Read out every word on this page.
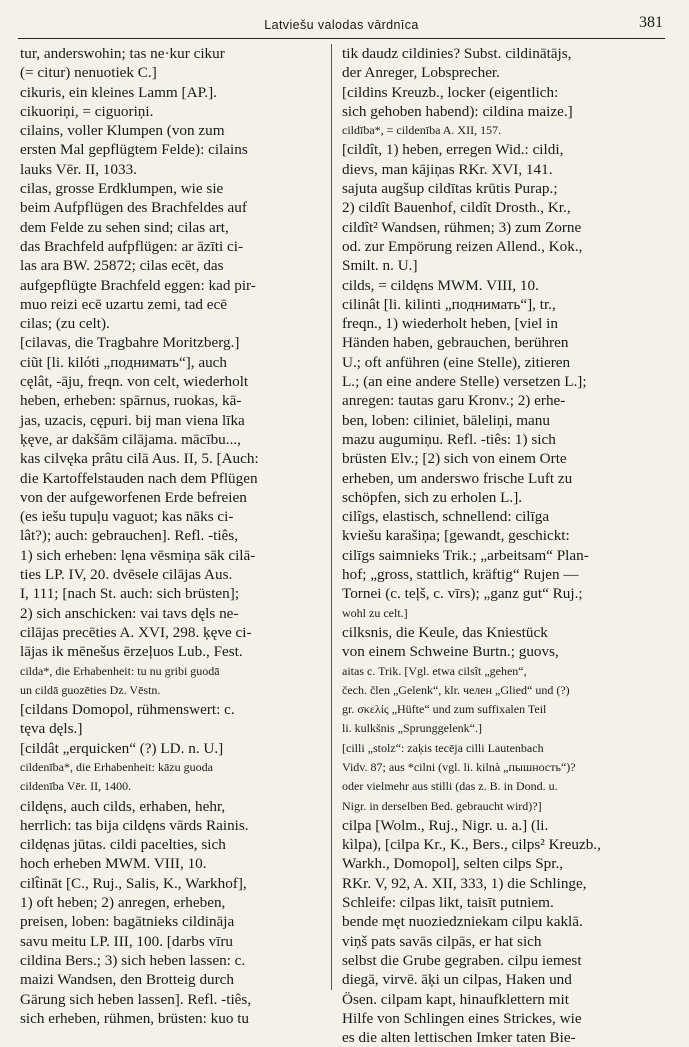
Latviešu valodas vārdnīca	381
tur, anderswohin; tas ne·kur cikur
(= citur) nenuotiek C.]
cikuris, ein kleines Lamm [AP.].
cikuoriņi, = ciguoriņi.
cilains, voller Klumpen (von zum
ersten Mal gepflügtem Felde): cilains
lauks Vēr. II, 1033.
cilas, grosse Erdklumpen, wie sie
beim Aufpflügen des Brachfeldes auf
dem Felde zu sehen sind; cilas art,
das Brachfeld aufpflügen: ar āzīti ci-
las ara BW. 25872; cilas ecēt, das
aufgepflügte Brachfeld eggen: kad pir-
muo reizi ecē uzartu zemi, tad ecē
cilas; (zu celt).
[cilavas, die Tragbahre Moritzberg.]
ciũt [li. kilóti „поднимать“], auch
cęlât, -āju, freqn. von celt, wiederholt
heben, erheben: spārnus, ruokas, kā-
jas, uzacis, cępuri. bij man viena līka
ķęve, ar dakšām cilājama. mācību...,
kas cilvęka prâtu cilā Aus. II, 5. [Auch:
die Kartoffelstauden nach dem Pflügen
von der aufgeworfenen Erde befreien
(es iešu tupuļu vaguot; kas nāks ci-
lât?); auch: gebrauchen]. Refl. -tiês,
1) sich erheben: lęna vēsmiņa sāk cilā-
ties LP. IV, 20. dvēsele cilājas Aus.
I, 111; [nach St. auch: sich brüsten];
2) sich anschicken: vai tavs dęls ne-
cilājas precēties A. XVI, 298. ķęve ci-
lājas ik mēnešus ērzeļuos Lub., Fest.
cilda*, die Erhabenheit: tu nu gribi guodā
un cildā guozēties Dz. Vēstn.
[cildans Domopol, rühmenswert: c.
tęva dęls.]
[cildât „erquicken“ (?) LD. n. U.]
cildenība*, die Erhabenheit: kāzu guoda
cildenība Vēr. II, 1400.
cildęns, auch cilds, erhaben, hehr,
herrlich: tas bija cildęns vārds Rainis.
cildęnas jūtas. cildi pacelties, sich
hoch erheben MWM. VIII, 10.
cilt̂ināt [C., Ruj., Salis, K., Warkhof],
1) oft heben; 2) anregen, erheben,
preisen, loben: bagātnieks cildināja
savu meitu LP. III, 100. [darbs vīru
cildina Bers.; 3) sich heben lassen: c.
maizi Wandsen, den Brotteig durch
Gärung sich heben lassen]. Refl. -tiês,
sich erheben, rühmen, brüsten: kuo tu
tik daudz cildinies? Subst. cildinātājs,
der Anreger, Lobsprecher.
[cildins Kreuzb., locker (eigentlich:
sich gehoben habend): cildina maize.]
cildība*, = cildenība A. XII, 157.
[cildît, 1) heben, erregen Wid.: cildi,
dievs, man kājiņas RKr. XVI, 141.
sajuta augšup cildītas krūtis Purap.;
2) cildît Bauenhof, cildît Drosth., Kr.,
cildît² Wandsen, rühmen; 3) zum Zorne
od. zur Empörung reizen Allend., Kok.,
Smilt. n. U.]
cilds, = cildęns MWM. VIII, 10.
cilinât [li. kilinti „поднимать“], tr.,
freqn., 1) wiederholt heben, [viel in
Händen haben, gebrauchen, berühren
U.; oft anführen (eine Stelle), zitieren
L.; (an eine andere Stelle) versetzen L.];
anregen: tautas garu Kronv.; 2) erhe-
ben, loben: ciliniet, bāleliņi, manu
mazu augumiņu. Refl. -tiês: 1) sich
brüsten Elv.; [2) sich von einem Orte
erheben, um anderswo frische Luft zu
schöpfen, sich zu erholen L.].
cilîgs, elastisch, schnellend: cilīga
kviešu karašiņa; [gewandt, geschickt:
cilīgs saimnieks Trik.; „arbeitsam“ Plan-
hof; „gross, stattlich, kräftig“ Rujen —
Tornei (c. teļš, c. vīrs); „ganz gut“ Ruj.;
wohl zu celt.]
cilksnis, die Keule, das Kniestück
von einem Schweine Burtn.; guovs,
aitas c. Trik. [Vgl. etwa cilsît „gehen“,
čech. člen „Gelenk“, klr. челен „Glied“ und (?)
gr. σκελίς „Hüfte“ und zum suffixalen Teil
li. kulkšnis „Sprunggelenk“.]
[cilli „stolz“: zaķis tecēja cilli Lautenbach
Vidv. 87; aus *cilni (vgl. li. kilnà „пышность“)?
oder vielmehr aus stilli (das z. B. in Dond. u.
Nigr. in derselben Bed. gebraucht wird)?]
cilpa [Wolm., Ruj., Nigr. u. a.] (li.
kìlpa), [cilpa Kr., K., Bers., cilps² Kreuzb.,
Warkh., Domopol], selten cilps Spr.,
RKr. V, 92, A. XII, 333, 1) die Schlinge,
Schleife: cilpas likt, taisīt putniem.
bende męt nuoziedzniekam cilpu kaklā.
viņš pats savās cilpās, er hat sich
selbst die Grube gegraben. cilpu iemest
diegā, virvē. āķi un cilpas, Haken und
Ösen. cilpam kapt, hinaufklettern mit
Hilfe von Schlingen eines Strickes, wie
es die alten lettischen Imker taten Bie-
